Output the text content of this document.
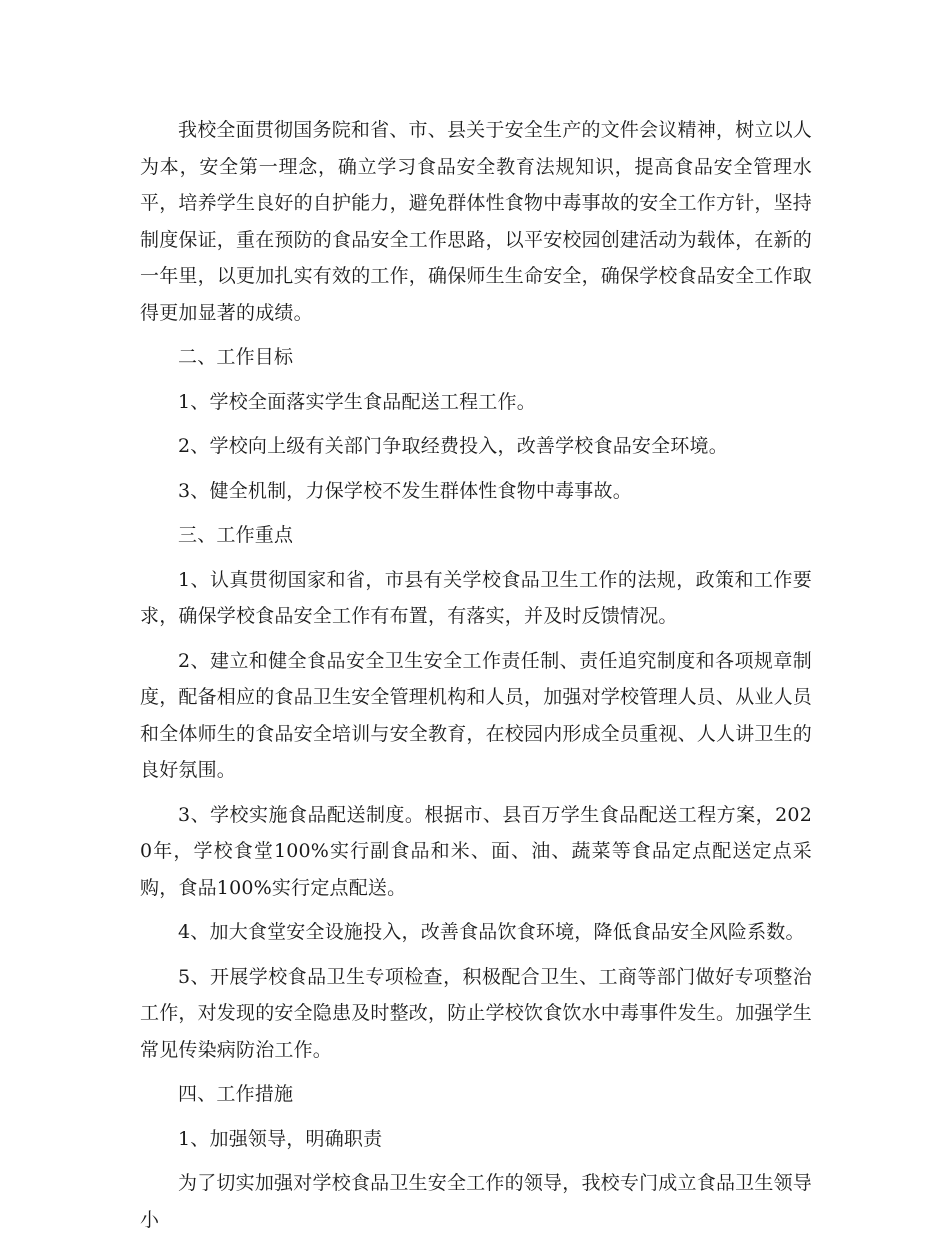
我校全面贯彻国务院和省、市、县关于安全生产的文件会议精神，树立以人为本，安全第一理念，确立学习食品安全教育法规知识，提高食品安全管理水平，培养学生良好的自护能力，避免群体性食物中毒事故的安全工作方针，坚持制度保证，重在预防的食品安全工作思路，以平安校园创建活动为载体，在新的一年里，以更加扎实有效的工作，确保师生生命安全，确保学校食品安全工作取得更加显著的成绩。

二、工作目标

1、学校全面落实学生食品配送工程工作。

2、学校向上级有关部门争取经费投入，改善学校食品安全环境。

3、健全机制，力保学校不发生群体性食物中毒事故。

三、工作重点

1、认真贯彻国家和省，市县有关学校食品卫生工作的法规，政策和工作要求，确保学校食品安全工作有布置，有落实，并及时反馈情况。

2、建立和健全食品安全卫生安全工作责任制、责任追究制度和各项规章制度，配备相应的食品卫生安全管理机构和人员，加强对学校管理人员、从业人员和全体师生的食品安全培训与安全教育，在校园内形成全员重视、人人讲卫生的良好氛围。

3、学校实施食品配送制度。根据市、县百万学生食品配送工程方案，2020年，学校食堂100%实行副食品和米、面、油、蔬菜等食品定点配送定点采购，食品100%实行定点配送。

4、加大食堂安全设施投入，改善食品饮食环境，降低食品安全风险系数。

5、开展学校食品卫生专项检查，积极配合卫生、工商等部门做好专项整治工作，对发现的安全隐患及时整改，防止学校饮食饮水中毒事件发生。加强学生常见传染病防治工作。

四、工作措施

1、加强领导，明确职责

为了切实加强对学校食品卫生安全工作的领导，我校专门成立食品卫生领导小
